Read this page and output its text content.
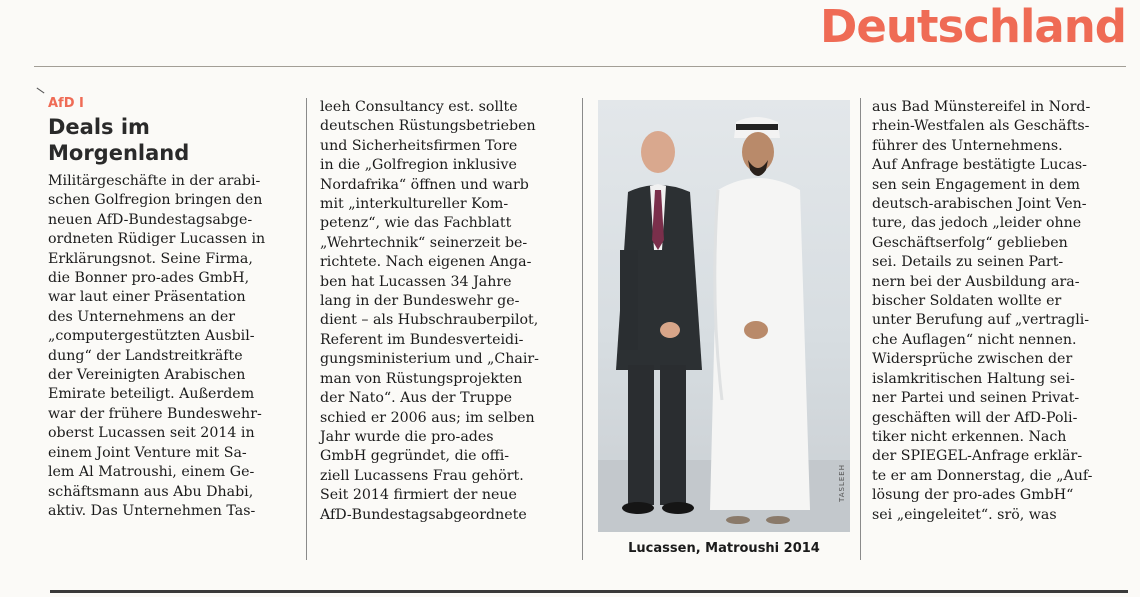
Deutschland
AfD I
Deals im
Morgenland
Militärgeschäfte in der arabi-
schen Golfregion bringen den
neuen AfD-Bundestagsabge-
ordneten Rüdiger Lucassen in
Erklärungsnot. Seine Firma,
die Bonner pro-ades GmbH,
war laut einer Präsentation
des Unternehmens an der
„computergestützten Ausbil-
dung“ der Landstreitkräfte
der Vereinigten Arabischen
Emirate beteiligt. Außerdem
war der frühere Bundeswehr-
oberst Lucassen seit 2014 in
einem Joint Venture mit Sa-
lem Al Matroushi, einem Ge-
schäftsmann aus Abu Dhabi,
aktiv. Das Unternehmen Tas-
leeh Consultancy est. sollte
deutschen Rüstungsbetrieben
und Sicherheitsfirmen Tore
in die „Golfregion inklusive
Nordafrika“ öffnen und warb
mit „interkultureller Kom-
petenz“, wie das Fachblatt
„Wehrtechnik“ seinerzeit be-
richtete. Nach eigenen Anga-
ben hat Lucassen 34 Jahre
lang in der Bundeswehr ge-
dient – als Hubschrauberpilot,
Referent im Bundesverteidi-
gungsministerium und „Chair-
man von Rüstungsprojekten
der Nato“. Aus der Truppe
schied er 2006 aus; im selben
Jahr wurde die pro-ades
GmbH gegründet, die offi-
ziell Lucassens Frau gehört.
Seit 2014 firmiert der neue
AfD-Bundestagsabgeordnete
TASLEEH
Lucassen, Matroushi 2014
aus Bad Münstereifel in Nord-
rhein-Westfalen als Geschäfts-
führer des Unternehmens.
Auf Anfrage bestätigte Lucas-
sen sein Engagement in dem
deutsch-arabischen Joint Ven-
ture, das jedoch „leider ohne
Geschäftserfolg“ geblieben
sei. Details zu seinen Part-
nern bei der Ausbildung ara-
bischer Soldaten wollte er
unter Berufung auf „vertragli-
che Auflagen“ nicht nennen.
Widersprüche zwischen der
islamkritischen Haltung sei-
ner Partei und seinen Privat-
geschäften will der AfD-Poli-
tiker nicht erkennen. Nach
der SPIEGEL-Anfrage erklär-
te er am Donnerstag, die „Auf-
lösung der pro-ades GmbH“
sei „eingeleitet“. srö, was
